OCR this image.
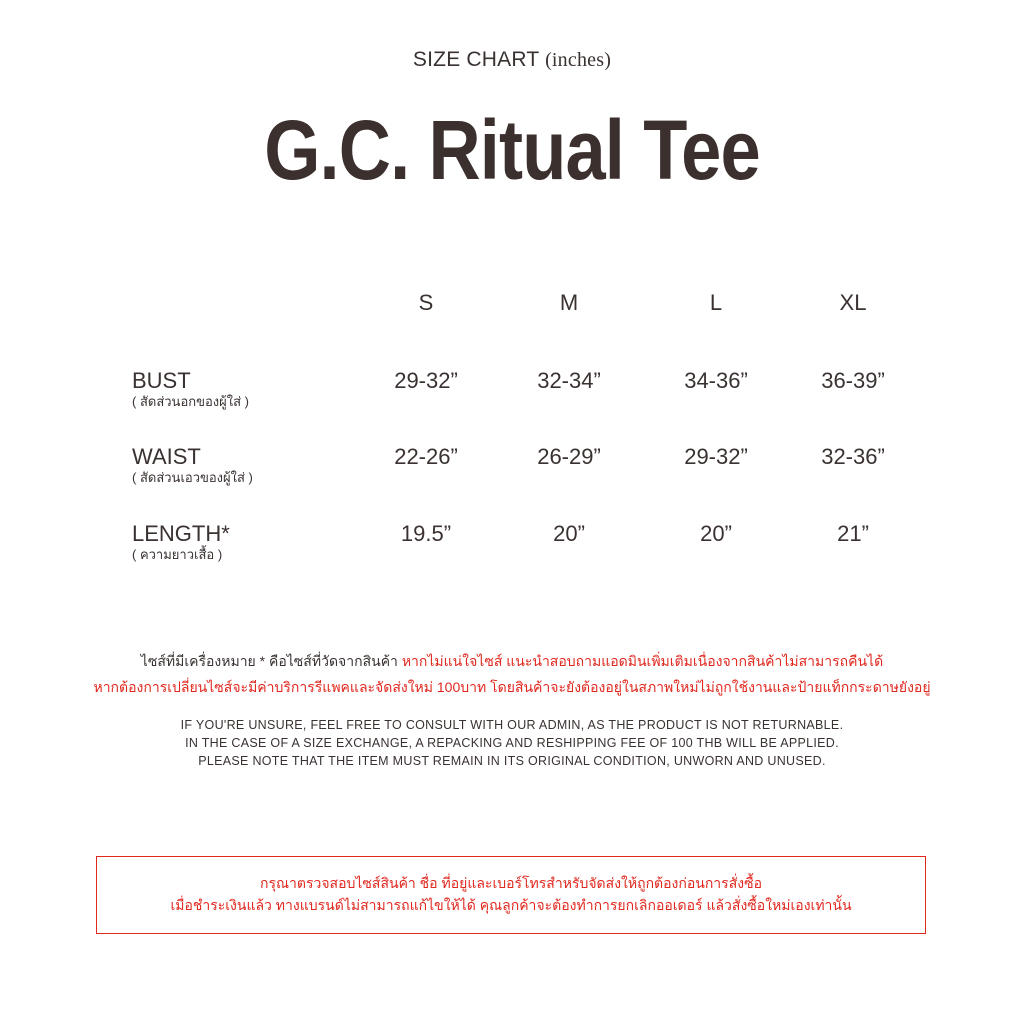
SIZE CHART (inches)
G.C. Ritual Tee
S	M	L	XL
BUST
( สัดส่วนอกของผู้ใส่ )
29-32”	32-34”	34-36”	36-39”
WAIST
( สัดส่วนเอวของผู้ใส่ )
22-26”	26-29”	29-32”	32-36”
LENGTH*
( ความยาวเสื้อ )
19.5”	20”	20”	21”
ไซส์ที่มีเครื่องหมาย * คือไซส์ที่วัดจากสินค้า หากไม่แน่ใจไซส์ แนะนำสอบถามแอดมินเพิ่มเติมเนื่องจากสินค้าไม่สามารถคืนได้
หากต้องการเปลี่ยนไซส์จะมีค่าบริการรีแพคและจัดส่งใหม่ 100บาท โดยสินค้าจะยังต้องอยู่ในสภาพใหม่ไม่ถูกใช้งานและป้ายแท็กกระดาษยังอยู่
IF YOU'RE UNSURE, FEEL FREE TO CONSULT WITH OUR ADMIN, AS THE PRODUCT IS NOT RETURNABLE.
IN THE CASE OF A SIZE EXCHANGE, A REPACKING AND RESHIPPING FEE OF 100 THB WILL BE APPLIED.
PLEASE NOTE THAT THE ITEM MUST REMAIN IN ITS ORIGINAL CONDITION, UNWORN AND UNUSED.
กรุณาตรวจสอบไซส์สินค้า ชื่อ ที่อยู่และเบอร์โทรสำหรับจัดส่งให้ถูกต้องก่อนการสั่งซื้อ
เมื่อชำระเงินแล้ว ทางแบรนด์ไม่สามารถแก้ไขให้ได้ คุณลูกค้าจะต้องทำการยกเลิกออเดอร์ แล้วสั่งซื้อใหม่เองเท่านั้น
